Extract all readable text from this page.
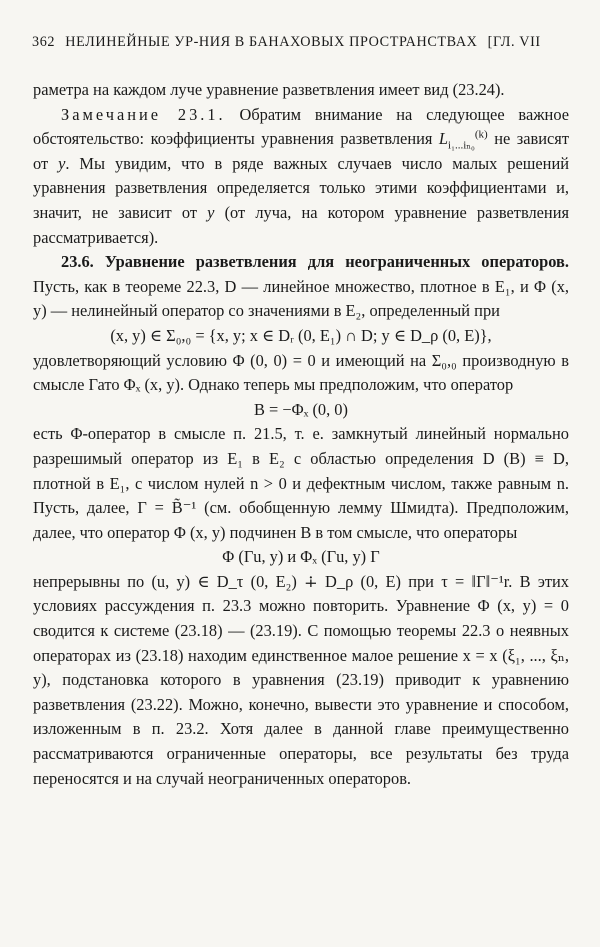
362 НЕЛИНЕЙНЫЕ УР-НИЯ В БАНАХОВЫХ ПРОСТРАНСТВАХ [ГЛ. VII

раметра на каждом луче уравнение разветвления имеет вид (23.24).

Замечание 23.1. Обратим внимание на следующее важное обстоятельство: коэффициенты уравнения разветвления $L_{i_1...i_{n0}}^{(k)}$ не зависят от y. Мы увидим, что в ряде важных случаев число малых решений уравнения разветвления определяется только этими коэффициентами и, значит, не зависит от y (от луча, на котором уравнение разветвления рассматривается).

23.6. Уравнение разветвления для неограниченных операторов. Пусть, как в теореме 22.3, D — линейное множество, плотное в E₁, и Φ (x, y) — нелинейный оператор со значениями в E₂, определенный при

(x, y) ∈ Σ₀,₀ = {x, y; x ∈ Dᵣ (0, E₁) ∩ D; y ∈ D_ρ (0, E)},

удовлетворяющий условию Φ (0, 0) = 0 и имеющий на Σ₀,₀ производную в смысле Гато Φₓ (x, y). Однако теперь мы предположим, что оператор

B = −Φₓ (0, 0)

есть Φ-оператор в смысле п. 21.5, т. е. замкнутый линейный нормально разрешимый оператор из E₁ в E₂ с областью определения D (B) ≡ D, плотной в E₁, с числом нулей n > 0 и дефектным числом, также равным n. Пусть, далее, Γ = B̃⁻¹ (см. обобщенную лемму Шмидта). Предположим, далее, что оператор Φ (x, y) подчинен B в том смысле, что операторы

Φ (Γu, y) и Φₓ (Γu, y) Γ

непрерывны по (u, y) ∈ D_τ (0, E₂) ∔ D_ρ (0, E) при τ = ‖Γ‖⁻¹r. В этих условиях рассуждения п. 23.3 можно повторить. Уравнение Φ (x, y) = 0 сводится к системе (23.18) — (23.19). С помощью теоремы 22.3 о неявных операторах из (23.18) находим единственное малое решение x = x (ξ₁, ..., ξₙ, y), подстановка которого в уравнения (23.19) приводит к уравнению разветвления (23.22). Можно, конечно, вывести это уравнение и способом, изложенным в п. 23.2. Хотя далее в данной главе преимущественно рассматриваются ограниченные операторы, все результаты без труда переносятся и на случай неограниченных операторов.
